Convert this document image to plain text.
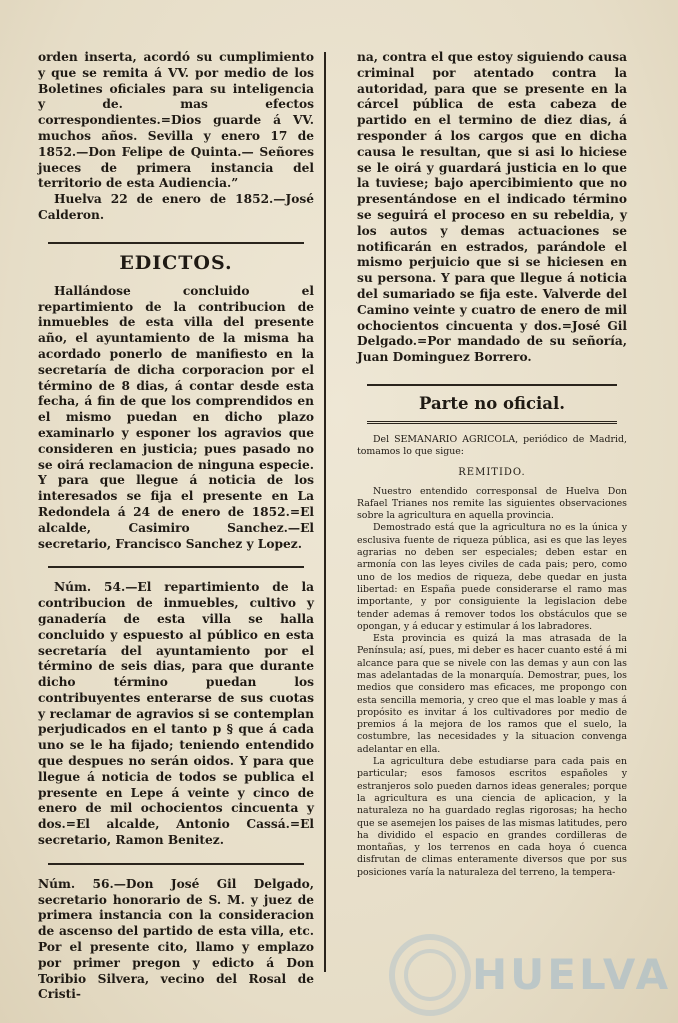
orden inserta, acordó su cumplimiento y que se remita á VV. por medio de los Boletines oficiales para su inteligencia y de. mas efectos correspondientes.=Dios guarde á VV. muchos años. Sevilla y enero 17 de 1852.—Don Felipe de Quinta.— Señores jueces de primera instancia del territorio de esta Audiencia.”

Huelva 22 de enero de 1852.—José Calderon.

EDICTOS.

Hallándose concluido el repartimiento de la contribucion de inmuebles de esta villa del presente año, el ayuntamiento de la misma ha acordado ponerlo de manifiesto en la secretaría de dicha corporacion por el término de 8 dias, á contar desde esta fecha, á fin de que los comprendidos en el mismo puedan en dicho plazo examinarlo y esponer los agravios que consideren en justicia; pues pasado no se oirá reclamacion de ninguna especie. Y para que llegue á noticia de los interesados se fija el presente en La Redondela á 24 de enero de 1852.=El alcalde, Casimiro Sanchez.—El secretario, Francisco Sanchez y Lopez.

Núm. 54.—El repartimiento de la contribucion de inmuebles, cultivo y ganadería de esta villa se halla concluido y espuesto al público en esta secretaría del ayuntamiento por el término de seis dias, para que durante dicho término puedan los contribuyentes enterarse de sus cuotas y reclamar de agravios si se contemplan perjudicados en el tanto p § que á cada uno se le ha fijado; teniendo entendido que despues no serán oidos. Y para que llegue á noticia de todos se publica el presente en Lepe á veinte y cinco de enero de mil ochocientos cincuenta y dos.=El alcalde, Antonio Cassá.=El secretario, Ramon Benitez.

Núm. 56.—Don José Gil Delgado, secretario honorario de S. M. y juez de primera instancia con la consideracion de ascenso del partido de esta villa, etc. Por el presente cito, llamo y emplazo por primer pregon y edicto á Don Toribio Silvera, vecino del Rosal de Cristi-

na, contra el que estoy siguiendo causa criminal por atentado contra la autoridad, para que se presente en la cárcel pública de esta cabeza de partido en el termino de diez dias, á responder á los cargos que en dicha causa le resultan, que si asi lo hiciese se le oirá y guardará justicia en lo que la tuviese; bajo apercibimiento que no presentándose en el indicado término se seguirá el proceso en su rebeldia, y los autos y demas actuaciones se notificarán en estrados, parándole el mismo perjuicio que si se hiciesen en su persona. Y para que llegue á noticia del sumariado se fija este. Valverde del Camino veinte y cuatro de enero de mil ochocientos cincuenta y dos.=José Gil Delgado.=Por mandado de su señoría, Juan Dominguez Borrero.

Parte no oficial.

Del SEMANARIO AGRICOLA, periódico de Madrid, tomamos lo que sigue:

REMITIDO.

Nuestro entendido corresponsal de Huelva Don Rafael Trianes nos remite las siguientes observaciones sobre la agricultura en aquella provincia.

Demostrado está que la agricultura no es la única y esclusiva fuente de riqueza pública, asi es que las leyes agrarias no deben ser especiales; deben estar en armonía con las leyes civiles de cada pais; pero, como uno de los medios de riqueza, debe quedar en justa libertad: en España puede considerarse el ramo mas importante, y por consiguiente la legislacion debe tender ademas á remover todos los obstáculos que se opongan, y á educar y estimular á los labradores.

Esta provincia es quizá la mas atrasada de la Península; así, pues, mi deber es hacer cuanto esté á mi alcance para que se nivele con las demas y aun con las mas adelantadas de la monarquía. Demostrar, pues, los medios que considero mas eficaces, me propongo con esta sencilla memoria, y creo que el mas loable y mas á propósito es invitar á los cultivadores por medio de premios á la mejora de los ramos que el suelo, la costumbre, las necesidades y la situacion convenga adelantar en ella.

La agricultura debe estudiarse para cada pais en particular; esos famosos escritos españoles y estranjeros solo pueden darnos ideas generales; porque la agricultura es una ciencia de aplicacion, y la naturaleza no ha guardado reglas rigorosas; ha hecho que se asemejen los paises de las mismas latitudes, pero ha dividido el espacio en grandes cordilleras de montañas, y los terrenos en cada hoya ó cuenca disfrutan de climas enteramente diversos que por sus posiciones varía la naturaleza del terreno, la tempera-

HUELVA
